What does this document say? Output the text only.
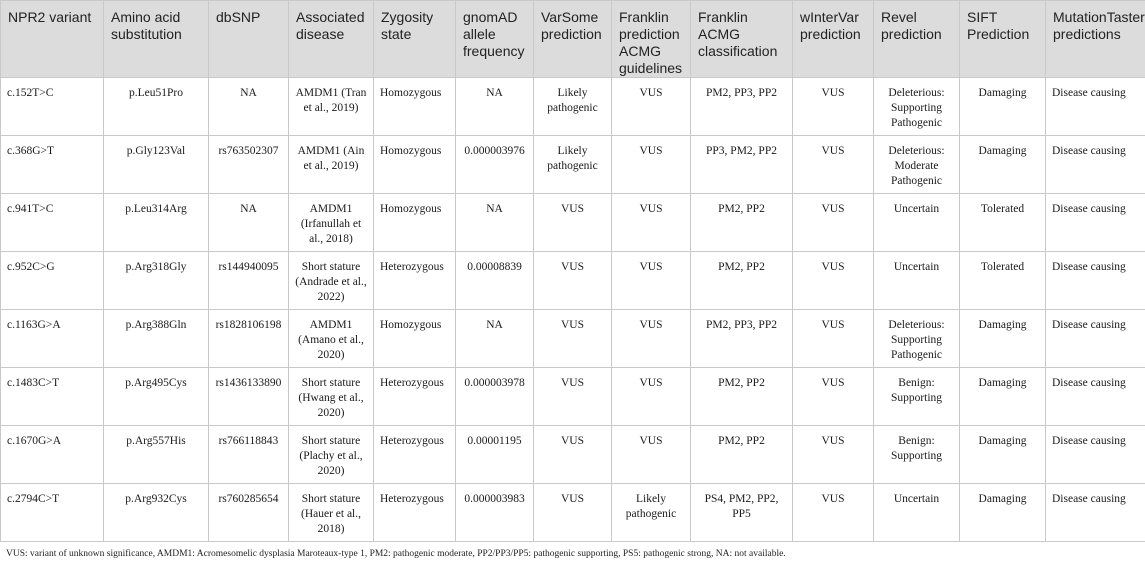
NPR2 variant	Amino acid substitution	dbSNP	Associated disease	Zygosity state	gnomAD allele frequency	VarSome prediction	Franklin prediction ACMG guidelines	Franklin ACMG classification	wInterVar prediction	Revel prediction	SIFT Prediction	MutationTaster predictions
c.152T>C	p.Leu51Pro	NA	AMDM1 (Tran et al., 2019)	Homozygous	NA	Likely pathogenic	VUS	PM2, PP3, PP2	VUS	Deleterious: Supporting Pathogenic	Damaging	Disease causing
c.368G>T	p.Gly123Val	rs763502307	AMDM1 (Ain et al., 2019)	Homozygous	0.000003976	Likely pathogenic	VUS	PP3, PM2, PP2	VUS	Deleterious: Moderate Pathogenic	Damaging	Disease causing
c.941T>C	p.Leu314Arg	NA	AMDM1 (Irfanullah et al., 2018)	Homozygous	NA	VUS	VUS	PM2, PP2	VUS	Uncertain	Tolerated	Disease causing
c.952C>G	p.Arg318Gly	rs144940095	Short stature (Andrade et al., 2022)	Heterozygous	0.00008839	VUS	VUS	PM2, PP2	VUS	Uncertain	Tolerated	Disease causing
c.1163G>A	p.Arg388Gln	rs1828106198	AMDM1 (Amano et al., 2020)	Homozygous	NA	VUS	VUS	PM2, PP3, PP2	VUS	Deleterious: Supporting Pathogenic	Damaging	Disease causing
c.1483C>T	p.Arg495Cys	rs1436133890	Short stature (Hwang et al., 2020)	Heterozygous	0.000003978	VUS	VUS	PM2, PP2	VUS	Benign: Supporting	Damaging	Disease causing
c.1670G>A	p.Arg557His	rs766118843	Short stature (Plachy et al., 2020)	Heterozygous	0.00001195	VUS	VUS	PM2, PP2	VUS	Benign: Supporting	Damaging	Disease causing
c.2794C>T	p.Arg932Cys	rs760285654	Short stature (Hauer et al., 2018)	Heterozygous	0.000003983	VUS	Likely pathogenic	PS4, PM2, PP2, PP5	VUS	Uncertain	Damaging	Disease causing
VUS: variant of unknown significance, AMDM1: Acromesomelic dysplasia Maroteaux-type 1, PM2: pathogenic moderate, PP2/PP3/PP5: pathogenic supporting, PS5: pathogenic strong, NA: not available.
